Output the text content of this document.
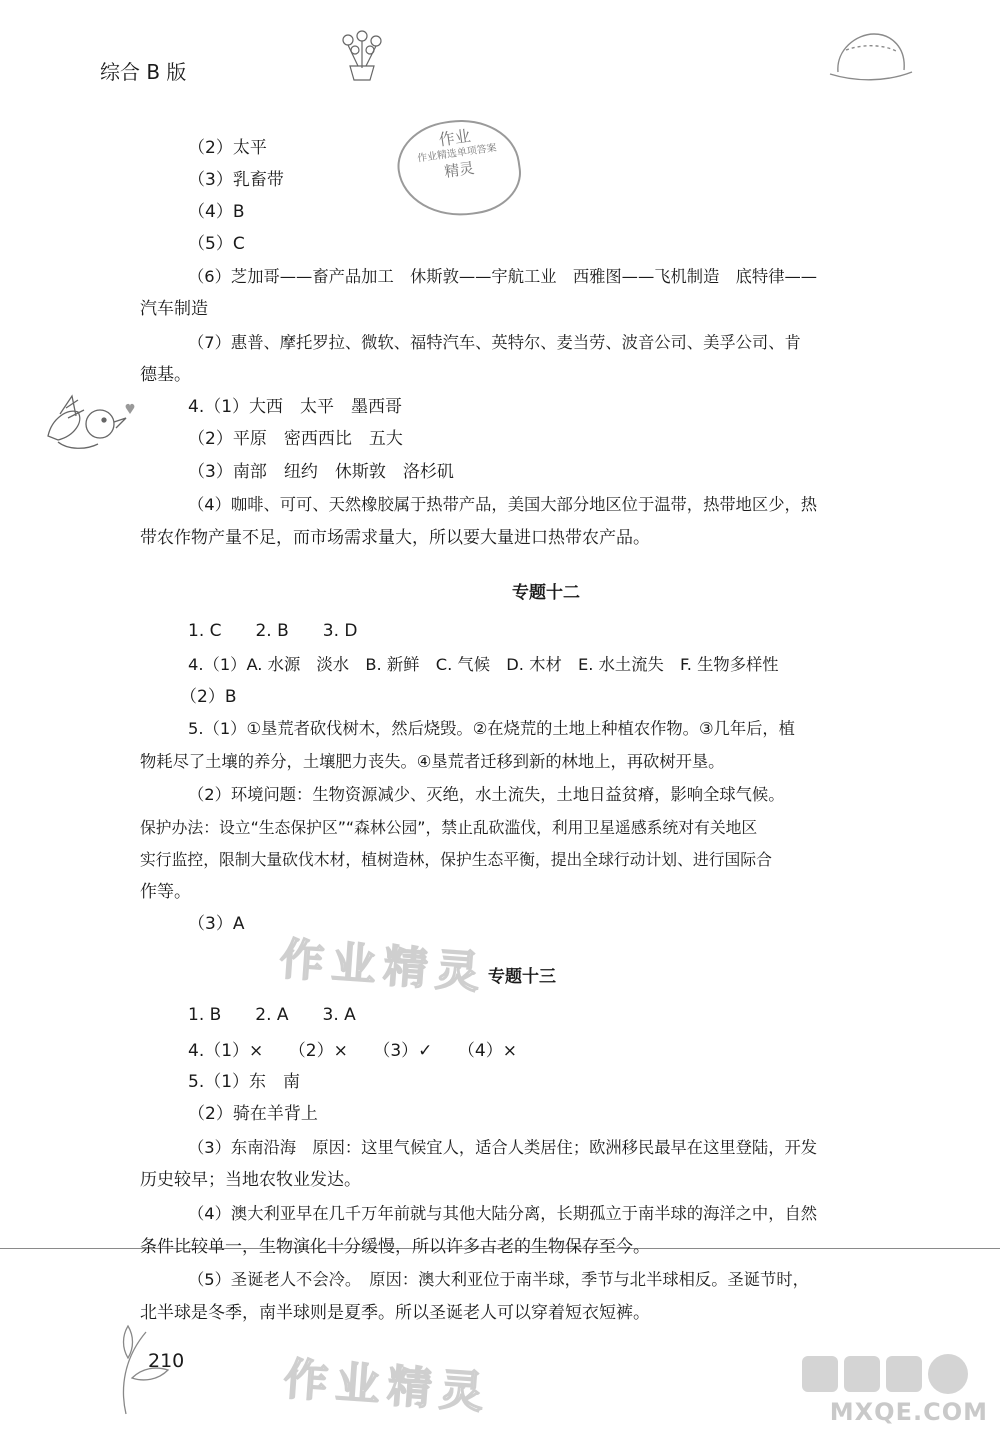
综合 B 版
作业
作业精选单项答案
精灵
（2）太平
（3）乳畜带
（4）B
（5）C
（6）芝加哥——畜产品加工　休斯敦——宇航工业　西雅图——飞机制造　底特律——
汽车制造
（7）惠普、摩托罗拉、微软、福特汽车、英特尔、麦当劳、波音公司、美孚公司、肯
德基。
4.（1）大西　太平　墨西哥
（2）平原　密西西比　五大
（3）南部　纽约　休斯敦　洛杉矶
（4）咖啡、可可、天然橡胶属于热带产品，美国大部分地区位于温带，热带地区少，热
带农作物产量不足，而市场需求量大，所以要大量进口热带农产品。
专题十二
1. C　　2. B　　3. D
4.（1）A. 水源　淡水　B. 新鲜　C. 气候　D. 木材　E. 水土流失　F. 生物多样性
（2）B
5.（1）①垦荒者砍伐树木，然后烧毁。②在烧荒的土地上种植农作物。③几年后，植
物耗尽了土壤的养分，土壤肥力丧失。④垦荒者迁移到新的林地上，再砍树开垦。
（2）环境问题：生物资源减少、灭绝，水土流失，土地日益贫瘠，影响全球气候。
保护办法：设立“生态保护区”“森林公园”，禁止乱砍滥伐，利用卫星遥感系统对有关地区
实行监控，限制大量砍伐木材，植树造林，保护生态平衡，提出全球行动计划、进行国际合
作等。
（3）A
作业精灵
作业精灵
专题十三
1. B　　2. A　　3. A
4.（1）×　　（2）×　　（3）✓　　（4）×
5.（1）东　南
（2）骑在羊背上
（3）东南沿海　原因：这里气候宜人，适合人类居住；欧洲移民最早在这里登陆，开发
历史较早；当地农牧业发达。
（4）澳大利亚早在几千万年前就与其他大陆分离，长期孤立于南半球的海洋之中，自然
条件比较单一，生物演化十分缓慢，所以许多古老的生物保存至今。
（5）圣诞老人不会冷。　原因：澳大利亚位于南半球，季节与北半球相反。圣诞节时，
北半球是冬季，南半球则是夏季。所以圣诞老人可以穿着短衣短裤。
210
MXQE.COM
